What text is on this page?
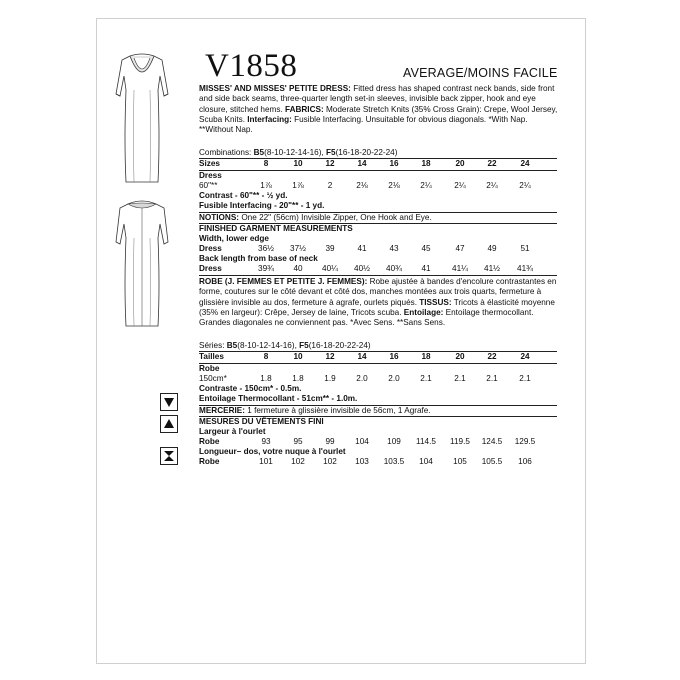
V1858	AVERAGE/MOINS FACILE
MISSES' AND MISSES' PETITE DRESS: Fitted dress has shaped contrast neck bands, side front and side back seams, three-quarter length set-in sleeves, invisible back zipper, hook and eye closure, stitched hems. FABRICS: Moderate Stretch Knits (35% Cross Grain): Crepe, Wool Jersey, Scuba Knits. Interfacing: Fusible Interfacing. Unsuitable for obvious diagonals. *With Nap. **Without Nap.
Combinations: B5(8-10-12-14-16), F5(16-18-20-22-24)
Sizes	8	10	12	14	16	18	20	22	24
Dress
60"**	1⅞	1⅞	2	2⅛	2⅛	2¼	2¼	2¼	2¼
Contrast - 60"** - ½ yd.
Fusible Interfacing - 20"** - 1 yd.
NOTIONS: One 22" (56cm) Invisible Zipper, One Hook and Eye.
FINISHED GARMENT MEASUREMENTS
Width, lower edge
Dress	36½	37½	39	41	43	45	47	49	51
Back length from base of neck
Dress	39¾	40	40¼	40½	40¾	41	41¼	41½	41¾
ROBE (J. FEMMES ET PETITE J. FEMMES): Robe ajustée à bandes d'encolure contrastantes en forme, coutures sur le côté devant et côté dos, manches montées aux trois quarts, fermeture à glissière invisible au dos, fermeture à agrafe, ourlets piqués. TISSUS: Tricots à élasticité moyenne (35% en largeur): Crêpe, Jersey de laine, Tricots scuba. Entoilage: Entoilage thermocollant. Grandes diagonales ne conviennent pas. *Avec Sens. **Sans Sens.
Séries: B5(8-10-12-14-16), F5(16-18-20-22-24)
Tailles	8	10	12	14	16	18	20	22	24
Robe
150cm*	1.8	1.8	1.9	2.0	2.0	2.1	2.1	2.1	2.1
Contraste - 150cm* - 0.5m.
Entoilage Thermocollant - 51cm** - 1.0m.
MERCERIE: 1 fermeture à glissière invisible de 56cm, 1 Agrafe.
MESURES DU VÊTEMENTS FINI
Largeur à l'ourlet
Robe	93	95	99	104	109	114.5	119.5	124.5	129.5
Longueur– dos, votre nuque à l'ourlet
Robe	101	102	102	103	103.5	104	105	105.5	106
